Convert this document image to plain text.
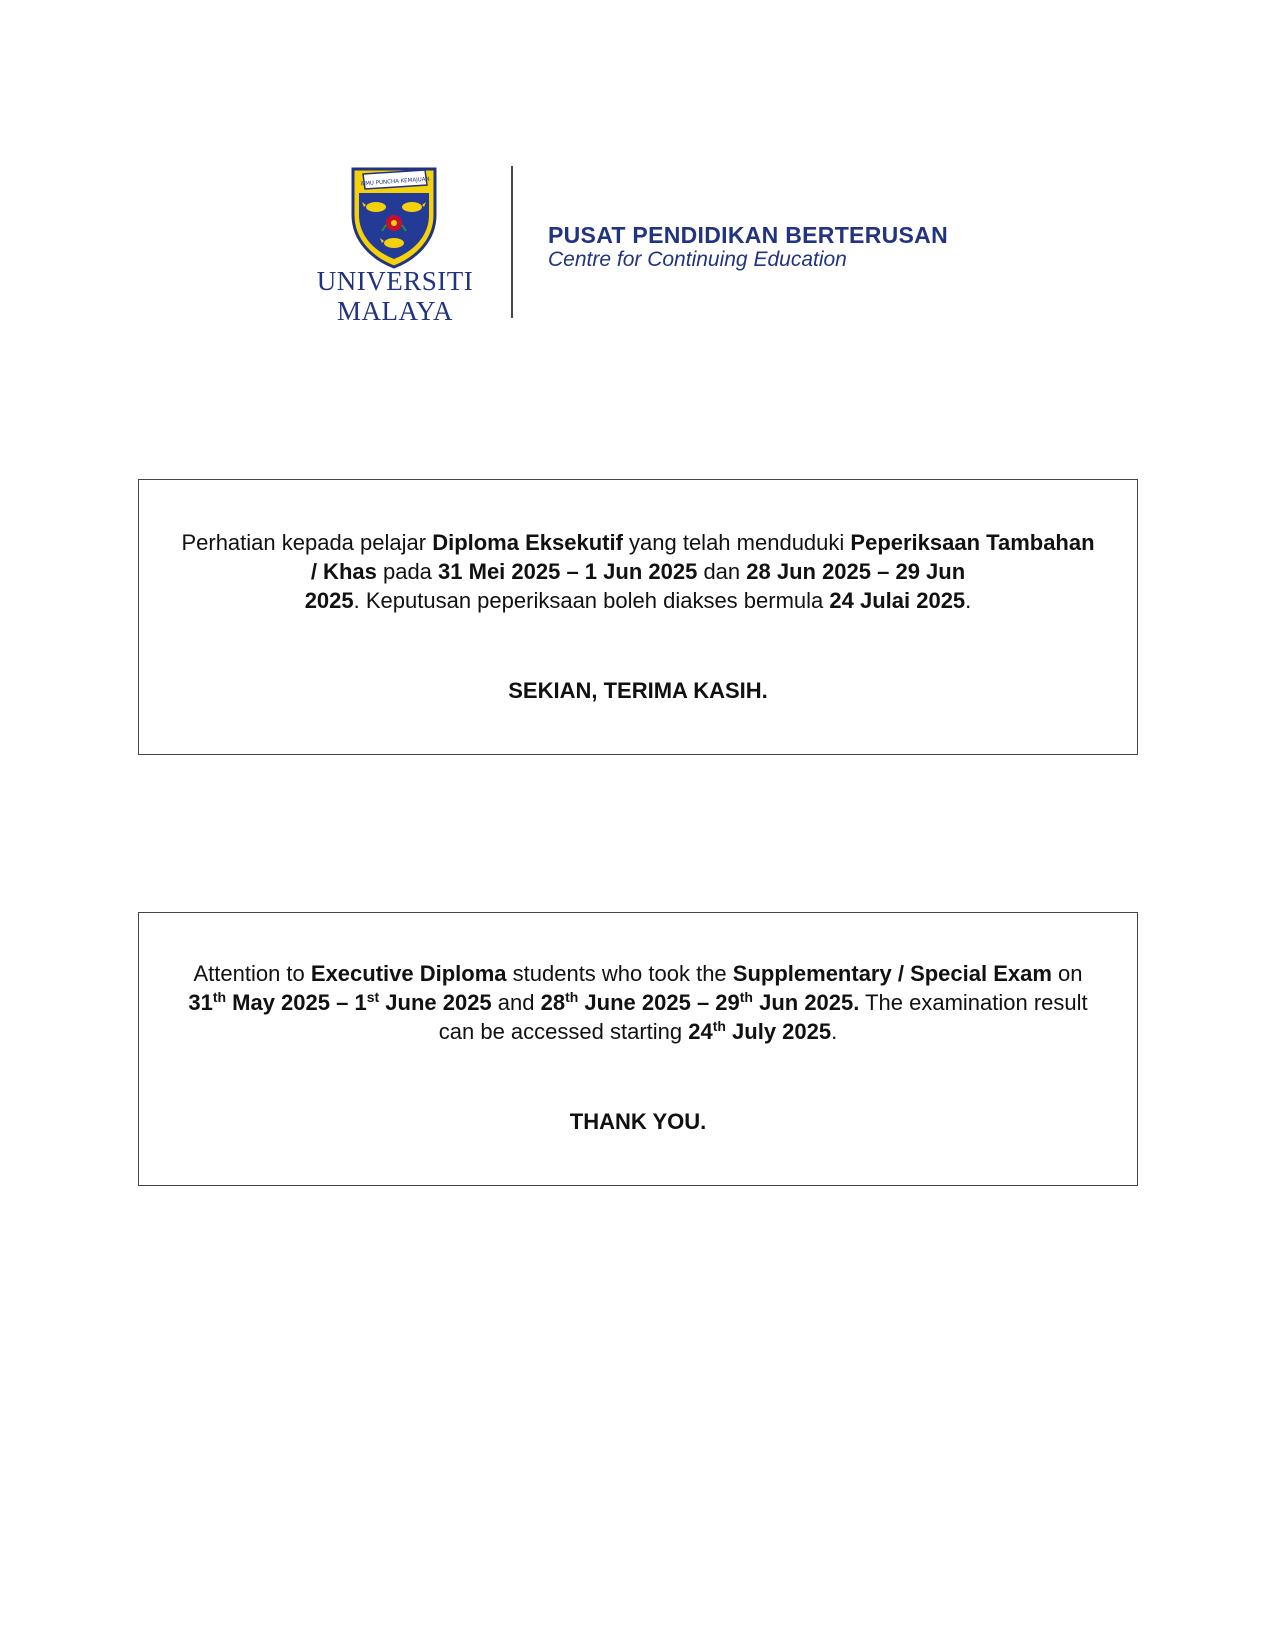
ILMU PUNCHA KEMAJUAN
UNIVERSITI
MALAYA
PUSAT PENDIDIKAN BERTERUSAN
Centre for Continuing Education

Perhatian kepada pelajar Diploma Eksekutif yang telah menduduki Peperiksaan Tambahan
/ Khas pada 31 Mei 2025 – 1 Jun 2025 dan 28 Jun 2025 – 29 Jun
2025. Keputusan peperiksaan boleh diakses bermula 24 Julai 2025.

SEKIAN, TERIMA KASIH.

Attention to Executive Diploma students who took the Supplementary / Special Exam on
31th May 2025 – 1st June 2025 and 28th June 2025 – 29th Jun 2025. The examination result
can be accessed starting 24th July 2025.

THANK YOU.
